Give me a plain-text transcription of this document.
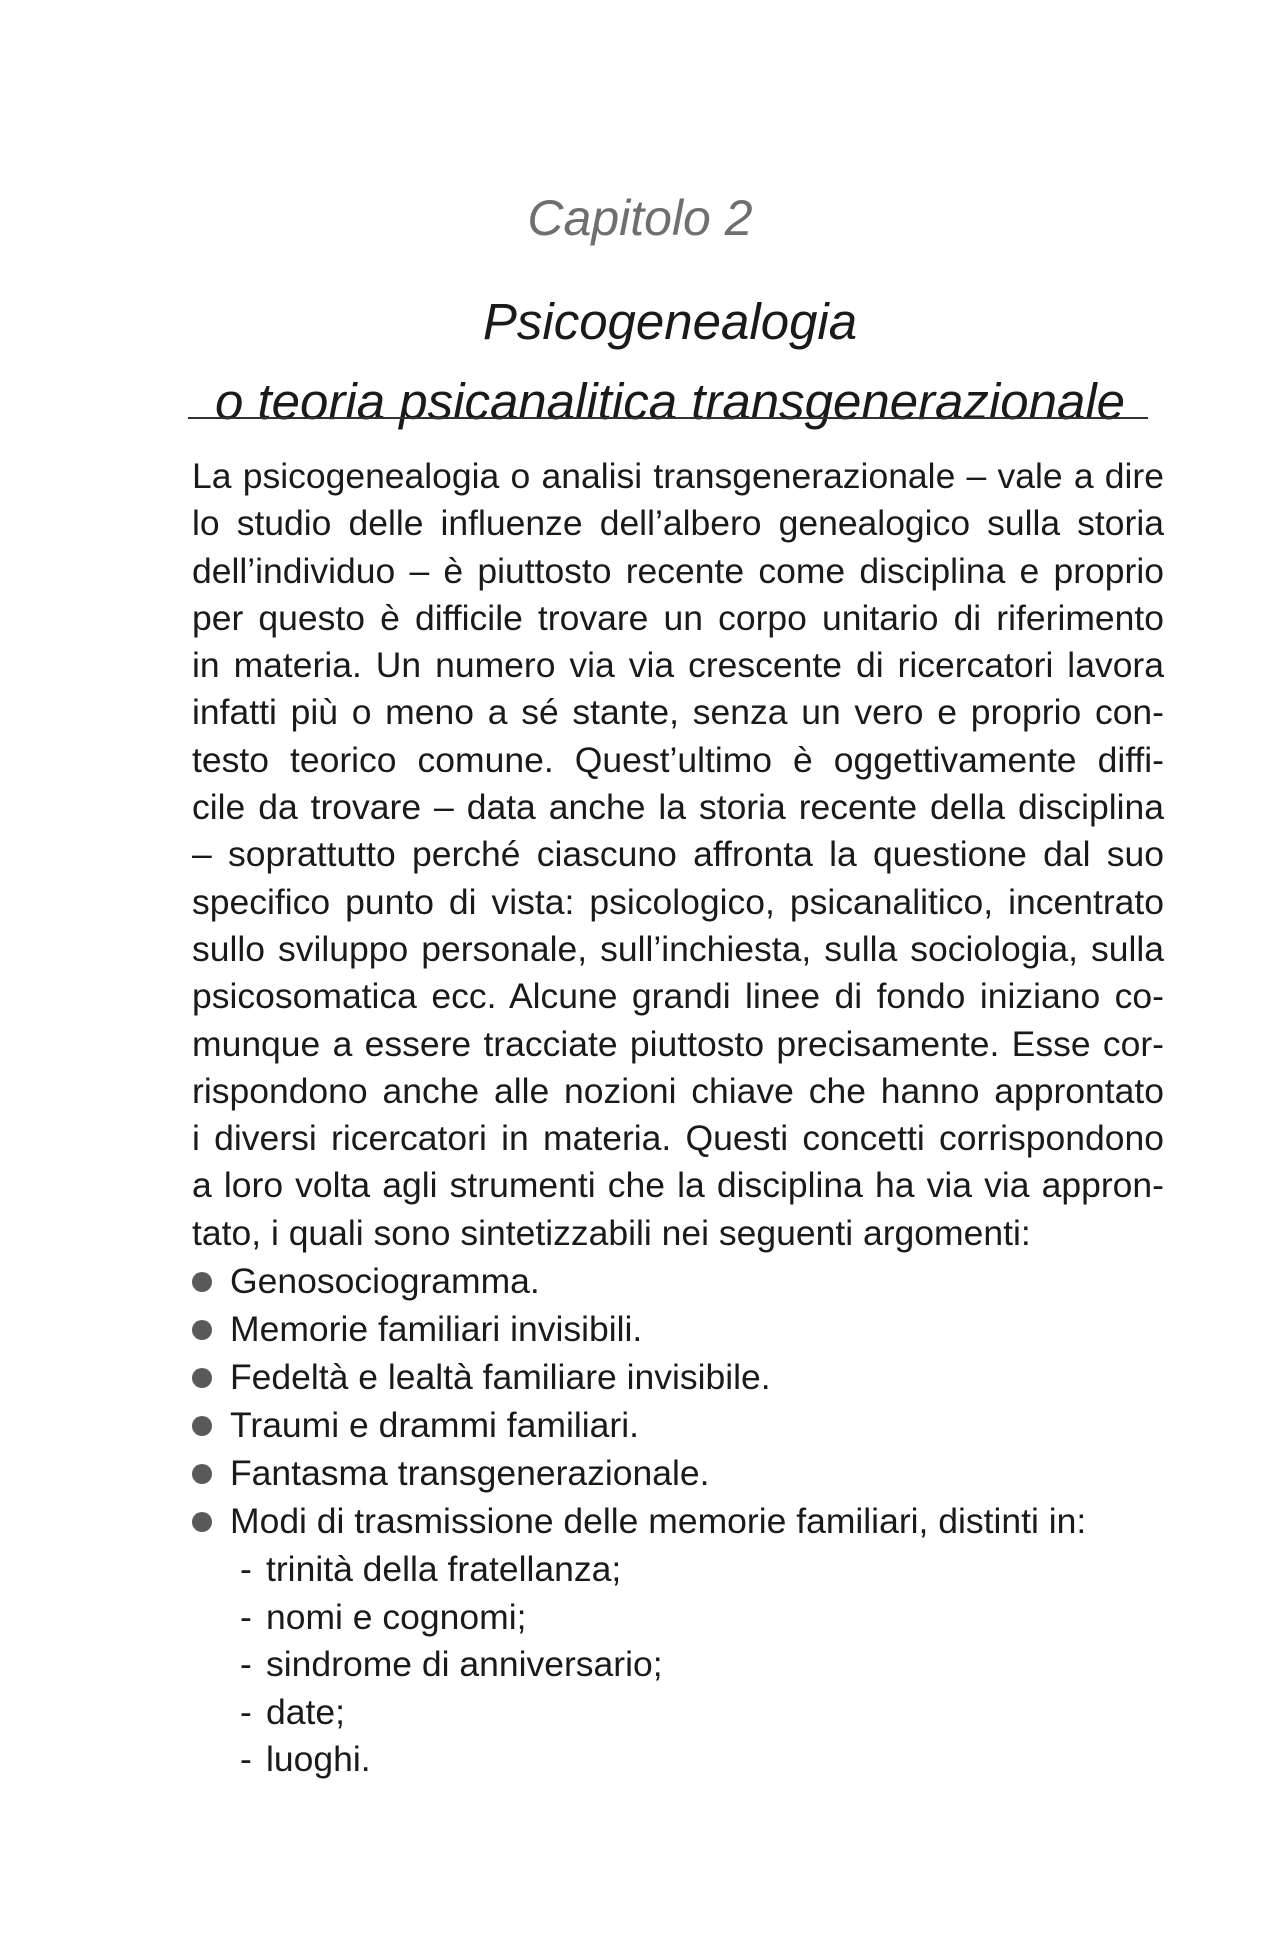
Capitolo 2
Psicogenealogia
o teoria psicanalitica transgenerazionale
La psicogenealogia o analisi transgenerazionale – vale a dire
lo studio delle influenze dell’albero genealogico sulla storia
dell’individuo – è piuttosto recente come disciplina e proprio
per questo è difficile trovare un corpo unitario di riferimento
in materia. Un numero via via crescente di ricercatori lavora
infatti più o meno a sé stante, senza un vero e proprio con-
testo teorico comune. Quest’ultimo è oggettivamente diffi-
cile da trovare – data anche la storia recente della disciplina
– soprattutto perché ciascuno affronta la questione dal suo
specifico punto di vista: psicologico, psicanalitico, incentrato
sullo sviluppo personale, sull’inchiesta, sulla sociologia, sulla
psicosomatica ecc. Alcune grandi linee di fondo iniziano co-
munque a essere tracciate piuttosto precisamente. Esse cor-
rispondono anche alle nozioni chiave che hanno approntato
i diversi ricercatori in materia. Questi concetti corrispondono
a loro volta agli strumenti che la disciplina ha via via appron-
tato, i quali sono sintetizzabili nei seguenti argomenti:
Genosociogramma.
Memorie familiari invisibili.
Fedeltà e lealtà familiare invisibile.
Traumi e drammi familiari.
Fantasma transgenerazionale.
Modi di trasmissione delle memorie familiari, distinti in:
- trinità della fratellanza;
- nomi e cognomi;
- sindrome di anniversario;
- date;
- luoghi.
